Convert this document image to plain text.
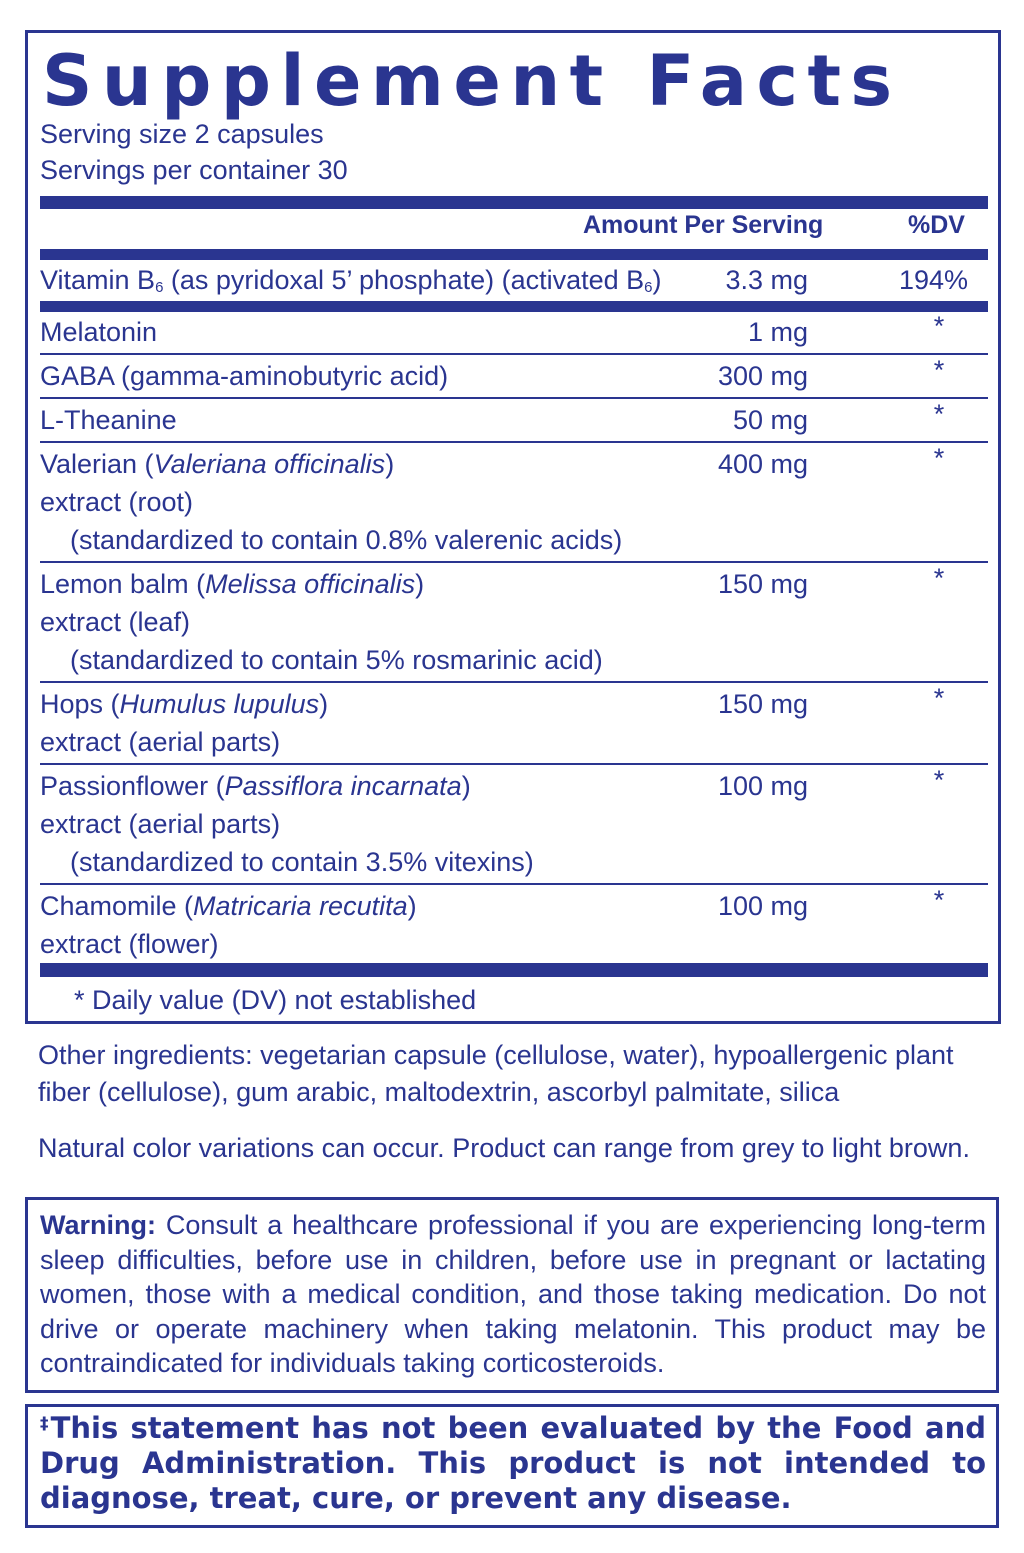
Supplement Facts
Serving size 2 capsules
Servings per container 30
Amount Per Serving	%DV
Vitamin $B_6$ (as pyridoxal 5’ phosphate) (activated $B_6$)	3.3 mg	194%
Melatonin	1 mg	*
GABA (gamma-aminobutyric acid)	300 mg	*
L-Theanine	50 mg	*
Valerian (Valeriana officinalis)
extract (root)
(standardized to contain 0.8% valerenic acids)
400 mg	*
Lemon balm (Melissa officinalis)
extract (leaf)
(standardized to contain 5% rosmarinic acid)
150 mg	*
Hops (Humulus lupulus)
extract (aerial parts)
150 mg	*
Passionflower (Passiflora incarnata)
extract (aerial parts)
(standardized to contain 3.5% vitexins)
100 mg	*
Chamomile (Matricaria recutita)
extract (flower)
100 mg	*
* Daily value (DV) not established
Other ingredients: vegetarian capsule (cellulose, water), hypoallergenic plant fiber (cellulose), gum arabic, maltodextrin, ascorbyl palmitate, silica
Natural color variations can occur. Product can range from grey to light brown.
Warning: Consult a healthcare professional if you are experiencing long-term sleep difficulties, before use in children, before use in pregnant or lactating women, those with a medical condition, and those taking medication. Do not drive or operate machinery when taking melatonin. This product may be contraindicated for individuals taking corticosteroids.
‡This statement has not been evaluated by the Food and Drug Administration. This product is not intended to diagnose, treat, cure, or prevent any disease.
